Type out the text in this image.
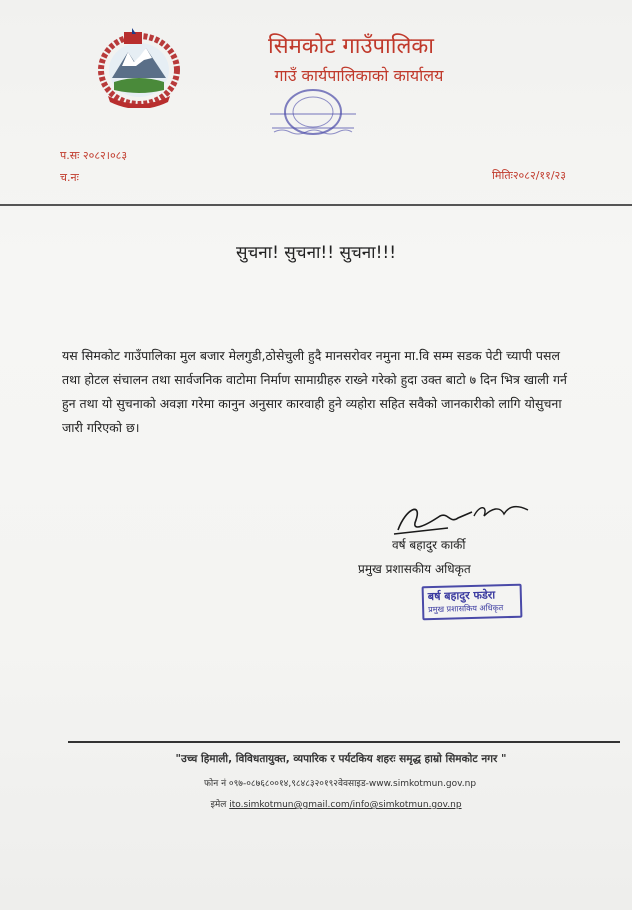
सिमकोट गाउँपालिका
गाउँ कार्यपालिकाको कार्यालय
प.सः २०८२।०८३
च.नः	मितिः२०८२/११/२३
सुचना! सुचना!! सुचना!!!
यस सिमकोट गाउँपालिका मुल बजार मेलगुडी,ठोसेचुली हुदै मानसरोवर नमुना मा.वि सम्म सडक पेटी च्यापी पसल तथा होटल संचालन तथा सार्वजनिक वाटोमा निर्माण सामाग्रीहरु राख्ने गरेको हुदा उक्त बाटो ७ दिन भित्र खाली गर्न हुन तथा यो सुचनाको अवज्ञा गरेमा कानुन अनुसार कारवाही हुने व्यहोरा सहित सवैको जानकारीको लागि योसुचना जारी गरिएको छ।
वर्ष बहादुर कार्की
प्रमुख प्रशासकीय अधिकृत
बर्ष बहादुर फडेरा
प्रमुख प्रशासकिय अधिकृत
"उच्च हिमाली, विविधतायुक्त, व्यपारिक र पर्यटकिय शहरः समृद्ध हाम्रो सिमकोट नगर "
फोन नं ०९७-०८७६८००१४,९८४८३२०१९२वेवसाइड-www.simkotmun.gov.np
इमेल ito.simkotmun@gmail.com/info@simkotmun.gov.np
